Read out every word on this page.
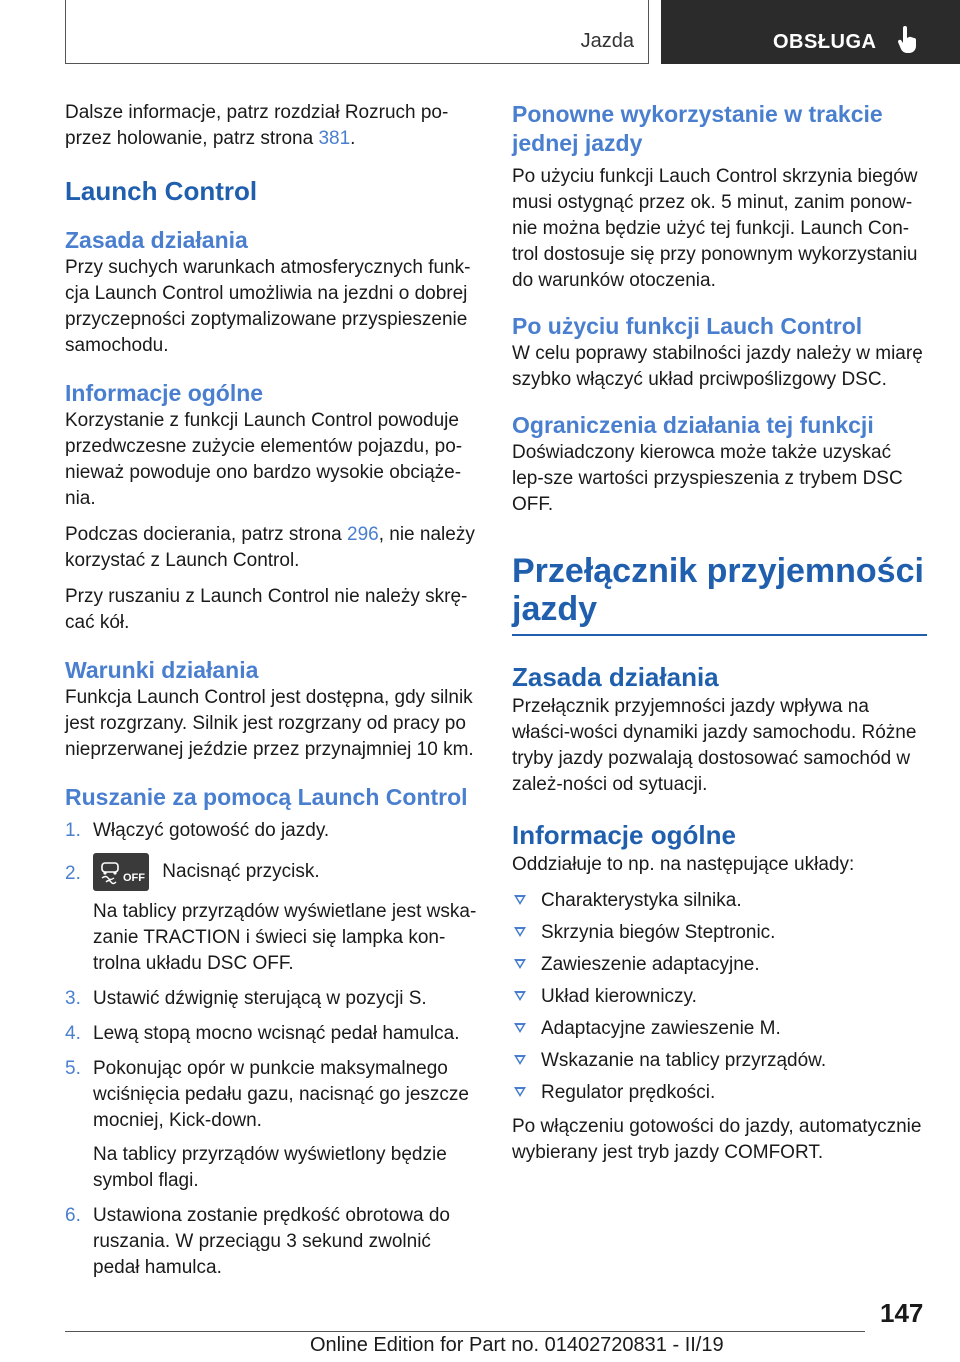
Jazda	OBSŁUGA

Dalsze informacje, patrz rozdział Rozruch po-przez holowanie, patrz strona 381.

Launch Control
Zasada działania

Przy suchych warunkach atmosferycznych funk-cja Launch Control umożliwia na jezdni o dobrej przyczepności zoptymalizowane przyspieszenie samochodu.

Informacje ogólne

Korzystanie z funkcji Launch Control powoduje przedwczesne zużycie elementów pojazdu, po-nieważ powoduje ono bardzo wysokie obciąże-nia.

Podczas docierania, patrz strona 296, nie należy korzystać z Launch Control.

Przy ruszaniu z Launch Control nie należy skrę-cać kół.

Warunki działania

Funkcja Launch Control jest dostępna, gdy silnik jest rozgrzany. Silnik jest rozgrzany od pracy po nieprzerwanej jeździe przez przynajmniej 10 km.

Ruszanie za pomocą Launch Control
1. Włączyć gotowość do jazdy.

2.	OFF Nacisnąć przycisk.

Na tablicy przyrządów wyświetlane jest wska-zanie TRACTION i świeci się lampka kon-trolna układu DSC OFF.

3. Ustawić dźwignię sterującą w pozycji S.

4. Lewą stopą mocno wcisnąć pedał hamulca.

5. Pokonując opór w punkcie maksymalnego wciśnięcia pedału gazu, nacisnąć go jeszcze mocniej, Kick-down.

Na tablicy przyrządów wyświetlony będzie symbol flagi.

6. Ustawiona zostanie prędkość obrotowa do ruszania. W przeciągu 3 sekund zwolnić pedał hamulca.

Ponowne wykorzystanie w trakcie jednej jazdy

Po użyciu funkcji Lauch Control skrzynia biegów musi ostygnąć przez ok. 5 minut, zanim ponow-nie można będzie użyć tej funkcji. Launch Con-trol dostosuje się przy ponownym wykorzystaniu do warunków otoczenia.

Po użyciu funkcji Lauch Control

W celu poprawy stabilności jazdy należy w miarę szybko włączyć układ prciwpoślizgowy DSC.

Ograniczenia działania tej funkcji

Doświadczony kierowca może także uzyskać lep-sze wartości przyspieszenia z trybem DSC OFF.

Przełącznik przyjemności jazdy
Zasada działania

Przełącznik przyjemności jazdy wpływa na właści-wości dynamiki jazdy samochodu. Różne tryby jazdy pozwalają dostosować samochód w zależ-ności od sytuacji.

Informacje ogólne

Oddziałuje to np. na następujące układy:

Charakterystyka silnika.

Skrzynia biegów Steptronic.

Zawieszenie adaptacyjne.

Układ kierowniczy.

Adaptacyjne zawieszenie M.

Wskazanie na tablicy przyrządów.

Regulator prędkości.

Po włączeniu gotowości do jazdy, automatycznie wybierany jest tryb jazdy COMFORT.

147
Online Edition for Part no. 01402720831 - II/19
